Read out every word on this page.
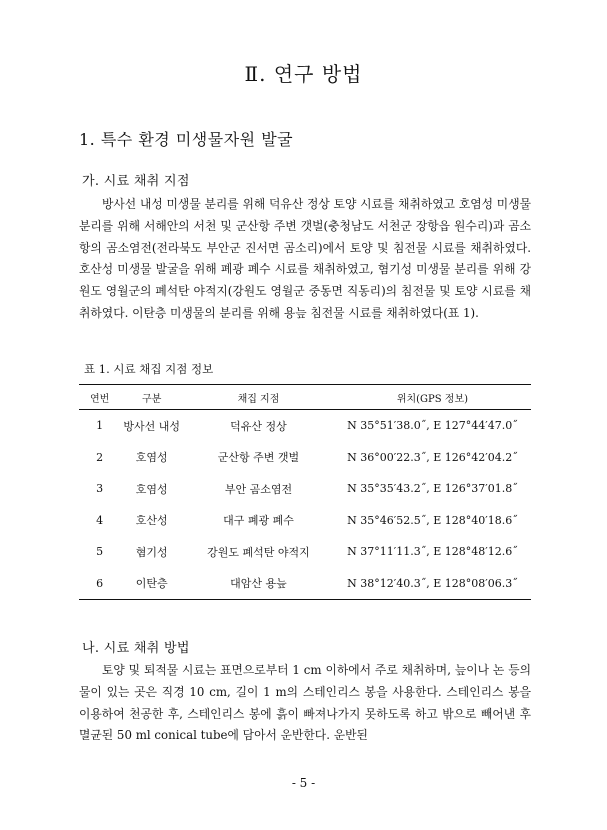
Ⅱ. 연구 방법
1. 특수 환경 미생물자원 발굴
가. 시료 채취 지점

방사선 내성 미생물 분리를 위해 덕유산 정상 토양 시료를 채취하였고 호염성 미생물 분리를 위해 서해안의 서천 및 군산항 주변 갯벌(충청남도 서천군 장항읍 원수리)과 곰소항의 곰소염전(전라북도 부안군 진서면 곰소리)에서 토양 및 침전물 시료를 채취하였다. 호산성 미생물 발굴을 위해 폐광 폐수 시료를 채취하였고, 혐기성 미생물 분리를 위해 강원도 영월군의 폐석탄 야적지(강원도 영월군 중동면 직동리)의 침전물 및 토양 시료를 채취하였다. 이탄층 미생물의 분리를 위해 용늪 침전물 시료를 채취하였다(표 1).

표 1. 시료 채집 지점 정보
연번	구분	채집 지점	위치(GPS 정보)
1	방사선 내성	덕유산 정상	N 35°51′38.0˝, E 127°44′47.0˝
2	호염성	군산항 주변 갯벌	N 36°00′22.3˝, E 126°42′04.2˝
3	호염성	부안 곰소염전	N 35°35′43.2˝, E 126°37′01.8˝
4	호산성	대구 폐광 폐수	N 35°46′52.5˝, E 128°40′18.6˝
5	혐기성	강원도 폐석탄 야적지	N 37°11′11.3˝, E 128°48′12.6˝
6	이탄층	대암산 용늪	N 38°12′40.3˝, E 128°08′06.3˝
나. 시료 채취 방법

토양 및 퇴적물 시료는 표면으로부터 1 cm 이하에서 주로 채취하며, 늪이나 논 등의 물이 있는 곳은 직경 10 cm, 길이 1 m의 스테인리스 봉을 사용한다. 스테인리스 봉을 이용하여 천공한 후, 스테인리스 봉에 흙이 빠져나가지 못하도록 하고 밖으로 빼어낸 후 멸균된 50 ml conical tube에 담아서 운반한다. 운반된

- 5 -
